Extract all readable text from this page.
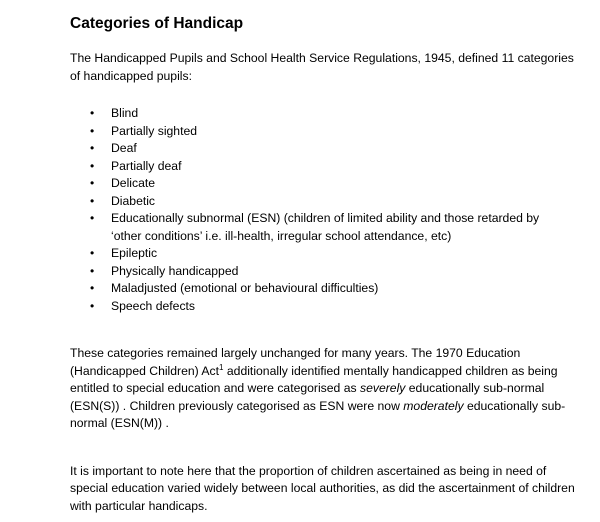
Categories of Handicap

The Handicapped Pupils and School Health Service Regulations, 1945, defined 11 categories of handicapped pupils:

• Blind
• Partially sighted
• Deaf
• Partially deaf
• Delicate
• Diabetic
• Educationally subnormal (ESN) (children of limited ability and those retarded by ‘other conditions’ i.e. ill-health, irregular school attendance, etc)
• Epileptic
• Physically handicapped
• Maladjusted (emotional or behavioural difficulties)
• Speech defects

These categories remained largely unchanged for many years. The 1970 Education (Handicapped Children) Act$^1$ additionally identified mentally handicapped children as being entitled to special education and were categorised as severely educationally sub-normal (ESN(S)) . Children previously categorised as ESN were now moderately educationally sub-normal (ESN(M)) .

It is important to note here that the proportion of children ascertained as being in need of special education varied widely between local authorities, as did the ascertainment of children with particular handicaps.
